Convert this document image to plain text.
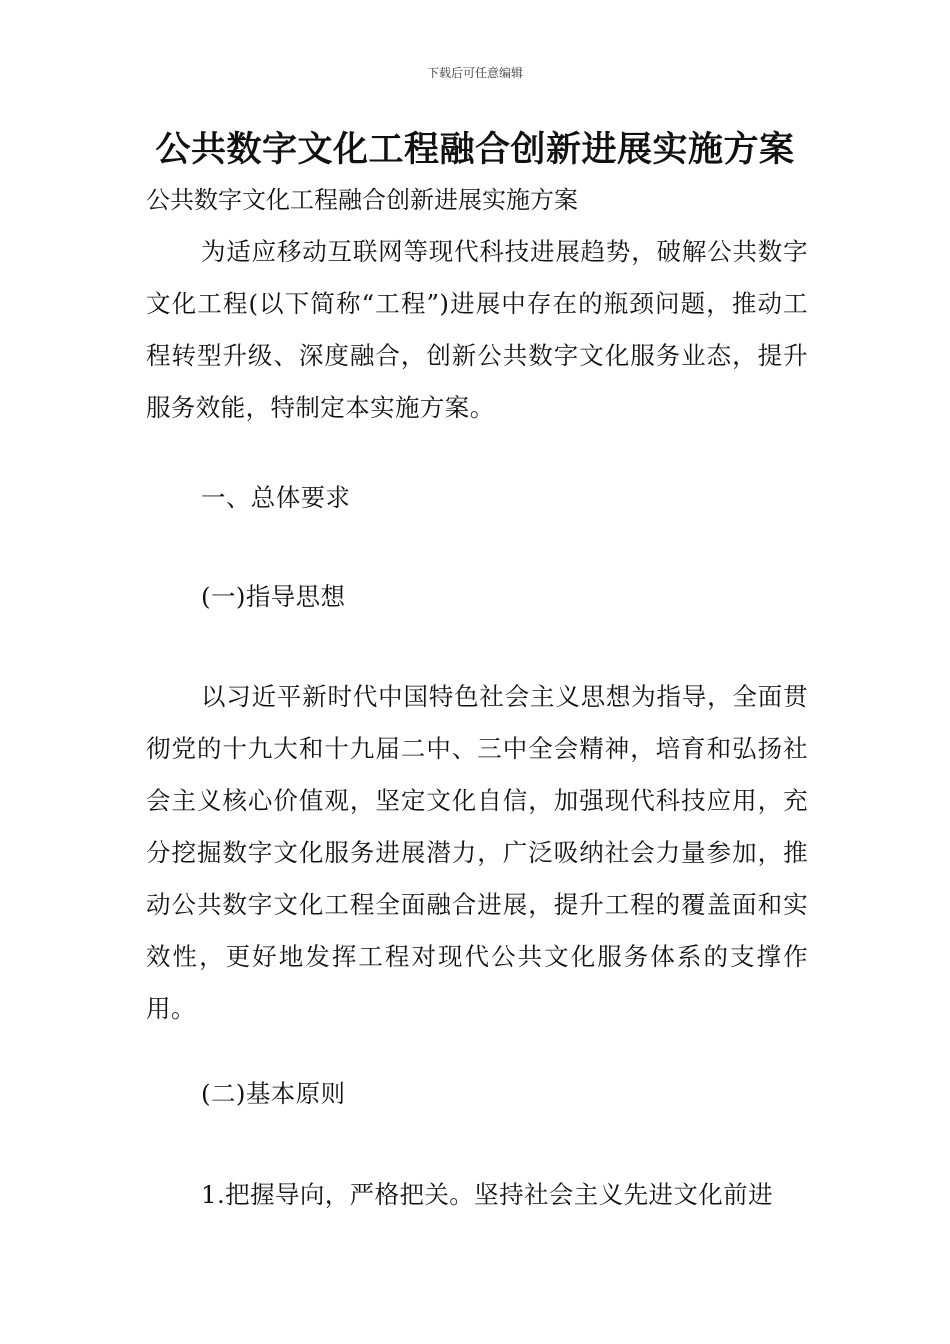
下载后可任意编辑
公共数字文化工程融合创新进展实施方案
公共数字文化工程融合创新进展实施方案

为适应移动互联网等现代科技进展趋势，破解公共数字文化工程(以下简称“工程”)进展中存在的瓶颈问题，推动工程转型升级、深度融合，创新公共数字文化服务业态，提升服务效能，特制定本实施方案。

一、总体要求
(一)指导思想

以习近平新时代中国特色社会主义思想为指导，全面贯彻党的十九大和十九届二中、三中全会精神，培育和弘扬社会主义核心价值观，坚定文化自信，加强现代科技应用，充分挖掘数字文化服务进展潜力，广泛吸纳社会力量参加，推动公共数字文化工程全面融合进展，提升工程的覆盖面和实效性，更好地发挥工程对现代公共文化服务体系的支撑作用。

(二)基本原则
1.把握导向，严格把关。坚持社会主义先进文化前进
